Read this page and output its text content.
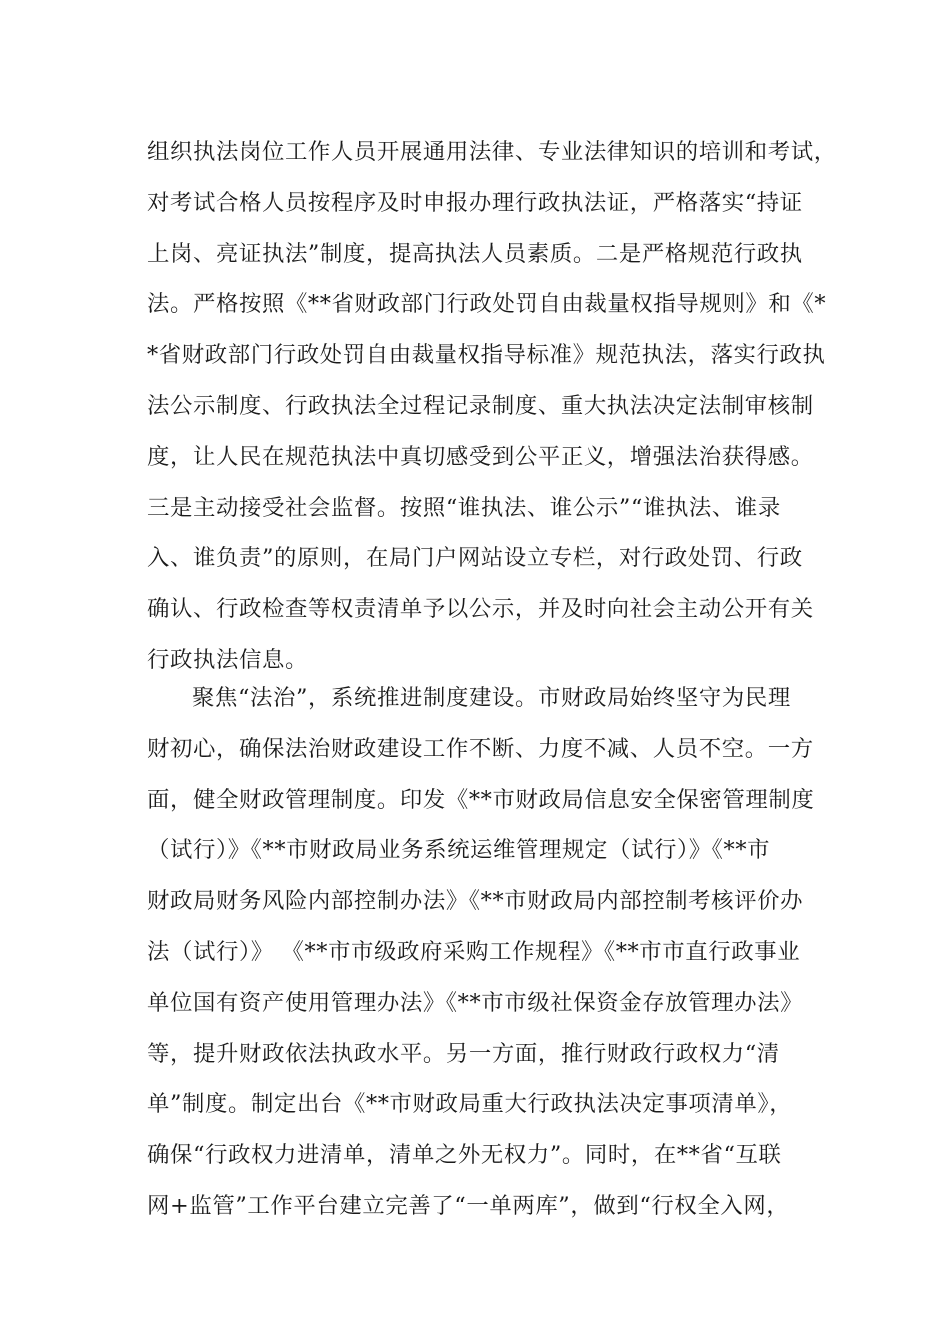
组织执法岗位工作人员开展通用法律、专业法律知识的培训和考试，
对考试合格人员按程序及时申报办理行政执法证，严格落实“持证
上岗、亮证执法”制度，提高执法人员素质。二是严格规范行政执
法。严格按照《**省财政部门行政处罚自由裁量权指导规则》和《*
*省财政部门行政处罚自由裁量权指导标准》规范执法，落实行政执
法公示制度、行政执法全过程记录制度、重大执法决定法制审核制
度，让人民在规范执法中真切感受到公平正义，增强法治获得感。
三是主动接受社会监督。按照“谁执法、谁公示”“谁执法、谁录
入、谁负责”的原则，在局门户网站设立专栏，对行政处罚、行政
确认、行政检查等权责清单予以公示，并及时向社会主动公开有关
行政执法信息。
聚焦“法治”，系统推进制度建设。市财政局始终坚守为民理
财初心，确保法治财政建设工作不断、力度不减、人员不空。一方
面，健全财政管理制度。印发《**市财政局信息安全保密管理制度
（试行）》《**市财政局业务系统运维管理规定（试行）》《**市
财政局财务风险内部控制办法》《**市财政局内部控制考核评价办
法（试行）》 《**市市级政府采购工作规程》《**市市直行政事业
单位国有资产使用管理办法》《**市市级社保资金存放管理办法》
等，提升财政依法执政水平。另一方面，推行财政行政权力“清
单”制度。制定出台《**市财政局重大行政执法决定事项清单》，
确保“行政权力进清单，清单之外无权力”。同时，在**省“互联
网+监管”工作平台建立完善了“一单两库”，做到“行权全入网，
